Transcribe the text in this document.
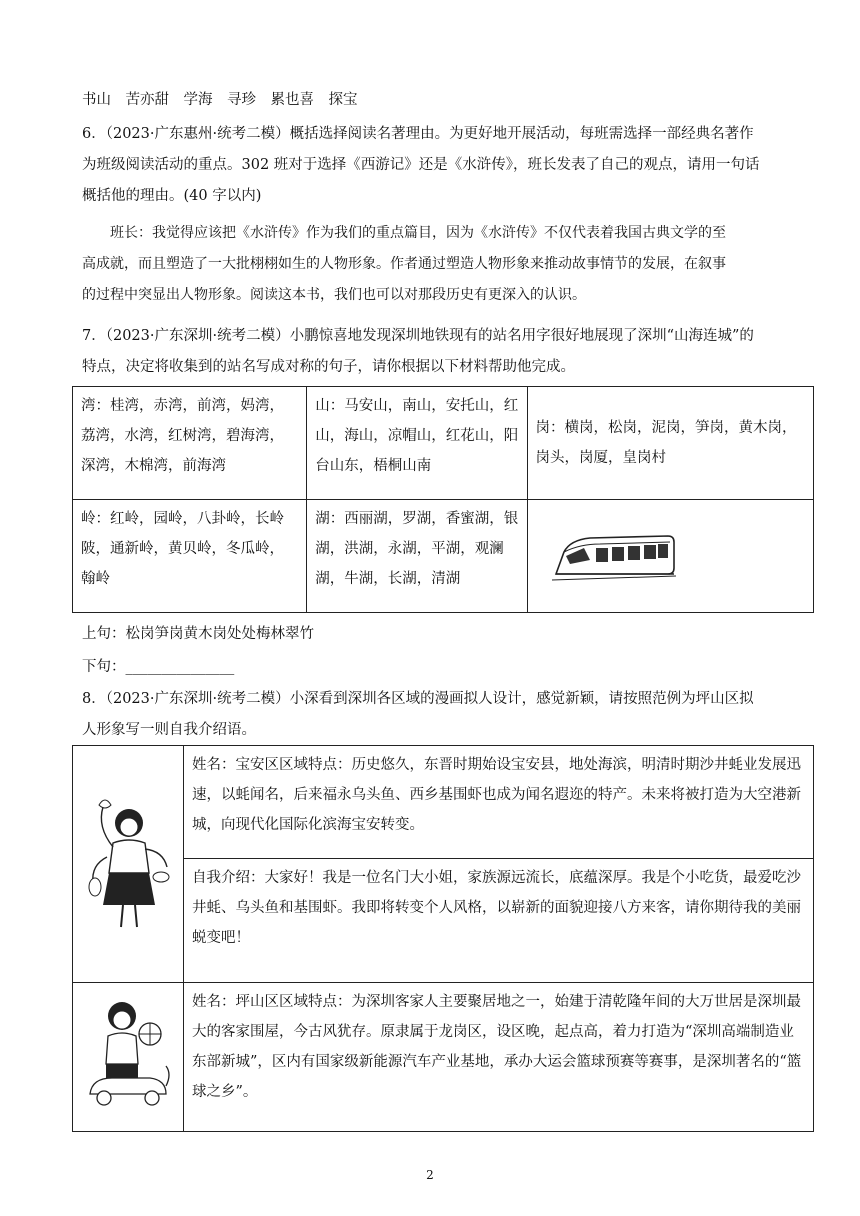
书山　苦亦甜　学海　寻珍　累也喜　探宝
6．（2023·广东惠州·统考二模）概括选择阅读名著理由。为更好地开展活动，每班需选择一部经典名著作
为班级阅读活动的重点。302 班对于选择《西游记》还是《水浒传》，班长发表了自己的观点，请用一句话
概括他的理由。(40 字以内)

班长：我觉得应该把《水浒传》作为我们的重点篇目，因为《水浒传》不仅代表着我国古典文学的至

高成就，而且塑造了一大批栩栩如生的人物形象。作者通过塑造人物形象来推动故事情节的发展，在叙事

的过程中突显出人物形象。阅读这本书，我们也可以对那段历史有更深入的认识。

7．（2023·广东深圳·统考二模）小鹏惊喜地发现深圳地铁现有的站名用字很好地展现了深圳“山海连城”的
特点，决定将收集到的站名写成对称的句子，请你根据以下材料帮助他完成。
湾：桂湾，赤湾，前湾，妈湾，荔湾，水湾，红树湾，碧海湾，深湾，木棉湾，前海湾	山：马安山，南山，安托山，红山，海山，凉帽山，红花山，阳台山东，梧桐山南	岗：横岗，松岗，泥岗，笋岗，黄木岗，岗头，岗厦，皇岗村

岭：红岭，园岭，八卦岭，长岭陂，通新岭，黄贝岭，冬瓜岭，翰岭	湖：西丽湖，罗湖，香蜜湖，银湖，洪湖，永湖，平湖，观澜湖，牛湖，长湖，清湖

上句：松岗笋岗黄木岗处处梅林翠竹
下句：_______________
8．（2023·广东深圳·统考二模）小深看到深圳各区域的漫画拟人设计，感觉新颖，请按照范例为坪山区拟
人形象写一则自我介绍语。

姓名：宝安区区域特点：历史悠久，东晋时期始设宝安县，地处海滨，明清时期沙井蚝业发展迅速，以蚝闻名，后来福永乌头鱼、西乡基围虾也成为闻名遐迩的特产。未来将被打造为大空港新城，向现代化国际化滨海宝安转变。

	自我介绍：大家好！我是一位名门大小姐，家族源远流长，底蕴深厚。我是个小吃货，最爱吃沙井蚝、乌头鱼和基围虾。我即将转变个人风格，以崭新的面貌迎接八方来客，请你期待我的美丽蜕变吧！

姓名：坪山区区域特点：为深圳客家人主要聚居地之一，始建于清乾隆年间的大万世居是深圳最大的客家围屋，今古风犹存。原隶属于龙岗区，设区晚，起点高，着力打造为“深圳高端制造业东部新城”，区内有国家级新能源汽车产业基地，承办大运会篮球预赛等赛事，是深圳著名的“篮球之乡”。
2
